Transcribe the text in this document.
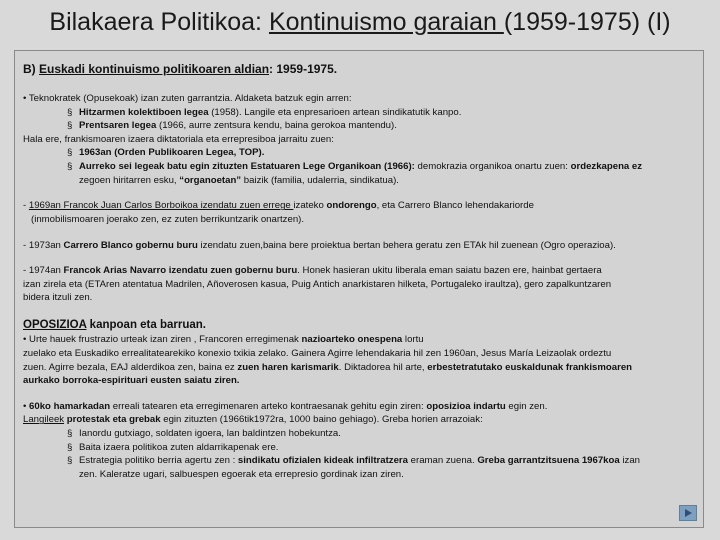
Bilakaera Politikoa: Kontinuismo garaian (1959-1975) (I)

B) Euskadi kontinuismo politikoaren aldian: 1959-1975.

• Teknokratek (Opusekoak) izan zuten garrantzia. Aldaketa batzuk egin arren:

§ Hitzarmen kolektiboen legea (1958). Langile eta enpresarioen artean sindikatutik kanpo.

§ Prentsaren legea (1966, aurre zentsura kendu, baina gerokoa mantendu).

Hala ere, frankismoaren izaera diktatoriala eta errepresiboa jarraitu zuen:

§ 1963an (Orden Publikoaren Legea, TOP).

§ Aurreko sei legeak batu egin zituzten Estatuaren Lege Organikoan (1966): demokrazia organikoa onartu zuen: ordezkapena ez

zegoen hiritarren esku, “organoetan” baizik (familia, udalerria, sindikatua).

- 1969an Francok Juan Carlos Borboikoa izendatu zuen errege izateko ondorengo, eta Carrero Blanco lehendakariorde

(inmobilismoaren joerako zen, ez zuten berrikuntzarik onartzen).

- 1973an Carrero Blanco gobernu buru izendatu zuen,baina bere proiektua bertan behera geratu zen ETAk hil zuenean (Ogro operazioa).

- 1974an Francok Arias Navarro izendatu zuen gobernu buru. Honek hasieran ukitu liberala eman saiatu bazen ere, hainbat gertaera

izan zirela eta (ETAren atentatua Madrilen, Añoverosen kasua, Puig Antich anarkistaren hilketa, Portugaleko iraultza), gero zapalkuntzaren

bidera itzuli zen.

OPOSIZIOA kanpoan eta barruan.

• Urte hauek frustrazio urteak izan ziren , Francoren erregimenak nazioarteko onespena lortu

zuelako eta Euskadiko errealitatearekiko konexio txikia zelako. Gainera Agirre lehendakaria hil zen 1960an, Jesus María Leizaolak ordeztu

zuen. Agirre bezala, EAJ alderdikoa zen, baina ez zuen haren karismarik. Diktadorea hil arte, erbestetratutako euskaldunak frankismoaren

aurkako borroka-espirituari eusten saiatu ziren.

• 60ko hamarkadan erreali tatearen eta erregimenaren arteko kontraesanak gehitu egin ziren: oposizioa indartu egin zen.

Langileek protestak eta grebak egin zituzten (1966tik1972ra, 1000 baino gehiago). Greba horien arrazoiak:

§ Ianordu gutxiago, soldaten igoera, lan baldintzen hobekuntza.

§ Baita izaera politikoa zuten aldarrikapenak ere.

§ Estrategia politiko berria agertu zen : sindikatu ofizialen kideak infiltratzera eraman zuena. Greba garrantzitsuena 1967koa izan

zen. Kaleratze ugari, salbuespen egoerak eta errepresio gordinak izan ziren.
